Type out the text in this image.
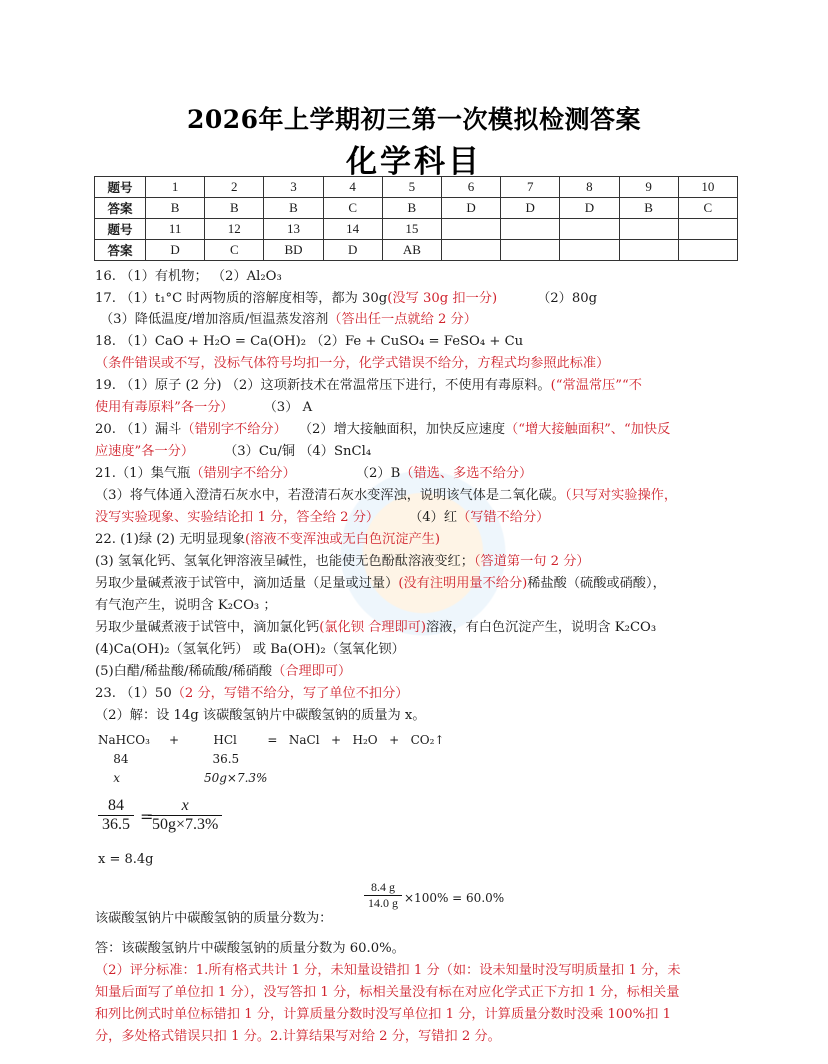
2026年上学期初三第一次模拟检测答案
化学科目
题号	1	2	3	4	5	6	7	8	9	10
答案	B	B	B	C	B	D	D	D	B	C
题号	11	12	13	14	15					
答案	D	C	BD	D	AB					
16. （1）有机物； （2）Al₂O₃
17. （1）t₁°C 时两物质的溶解度相等，都为 30g(没写 30g 扣一分)	（2）80g
（3）降低温度/增加溶质/恒温蒸发溶剂（答出任一点就给 2 分）
18. （1）CaO + H₂O = Ca(OH)₂ （2）Fe + CuSO₄ = FeSO₄ + Cu
（条件错误或不写，没标气体符号均扣一分，化学式错误不给分，方程式均参照此标准）
19. （1）原子 (2 分) （2）这项新技术在常温常压下进行，不使用有毒原料。(“常温常压”“不
使用有毒原料”各一分） （3） A
20. （1）漏斗（错别字不给分） （2）增大接触面积，加快反应速度（“增大接触面积”、“加快反
应速度”各一分） （3）Cu/铜 （4）SnCl₄
21.（1）集气瓶（错别字不给分）	（2）B（错选、多选不给分）
（3）将气体通入澄清石灰水中，若澄清石灰水变浑浊，说明该气体是二氧化碳。（只写对实验操作，
没写实验现象、实验结论扣 1 分，答全给 2 分） （4）红（写错不给分）
22. (1)绿 (2) 无明显现象(溶液不变浑浊或无白色沉淀产生)
(3) 氢氧化钙、氢氧化钾溶液呈碱性，也能使无色酚酞溶液变红；（答道第一句 2 分）
另取少量碱煮液于试管中，滴加适量（足量或过量）(没有注明用量不给分)稀盐酸（硫酸或硝酸），
有气泡产生，说明含 K₂CO₃ ；
另取少量碱煮液于试管中，滴加氯化钙(氯化钡 合理即可)溶液，有白色沉淀产生，说明含 K₂CO₃
(4)Ca(OH)₂（氢氧化钙） 或 Ba(OH)₂（氢氧化钡）
(5)白醋/稀盐酸/稀硫酸/稀硝酸（合理即可）
23. （1）50（2 分，写错不给分，写了单位不扣分）
（2）解：设 14g 该碳酸氢钠片中碳酸氢钠的质量为 x。
NaHCO₃     +         HCl        =   NaCl   +   H₂O   +   CO₂↑
84                      36.5
x                      50g×7.3%
$\frac{84}{36.5}$ =
$\frac{x}{50g\times 7.3\%}$
x = 8.4g
$\frac{8.4 g}{14.0 g} \times 100\% = 60.0\%$
该碳酸氢钠片中碳酸氢钠的质量分数为：
答：该碳酸氢钠片中碳酸氢钠的质量分数为 60.0%。
（2）评分标准：1.所有格式共计 1 分，未知量设错扣 1 分（如：设未知量时没写明质量扣 1 分，未
知量后面写了单位扣 1 分），没写答扣 1 分，标相关量没有标在对应化学式正下方扣 1 分，标相关量
和列比例式时单位标错扣 1 分，计算质量分数时没写单位扣 1 分，计算质量分数时没乘 100%扣 1
分，多处格式错误只扣 1 分。2.计算结果写对给 2 分，写错扣 2 分。
